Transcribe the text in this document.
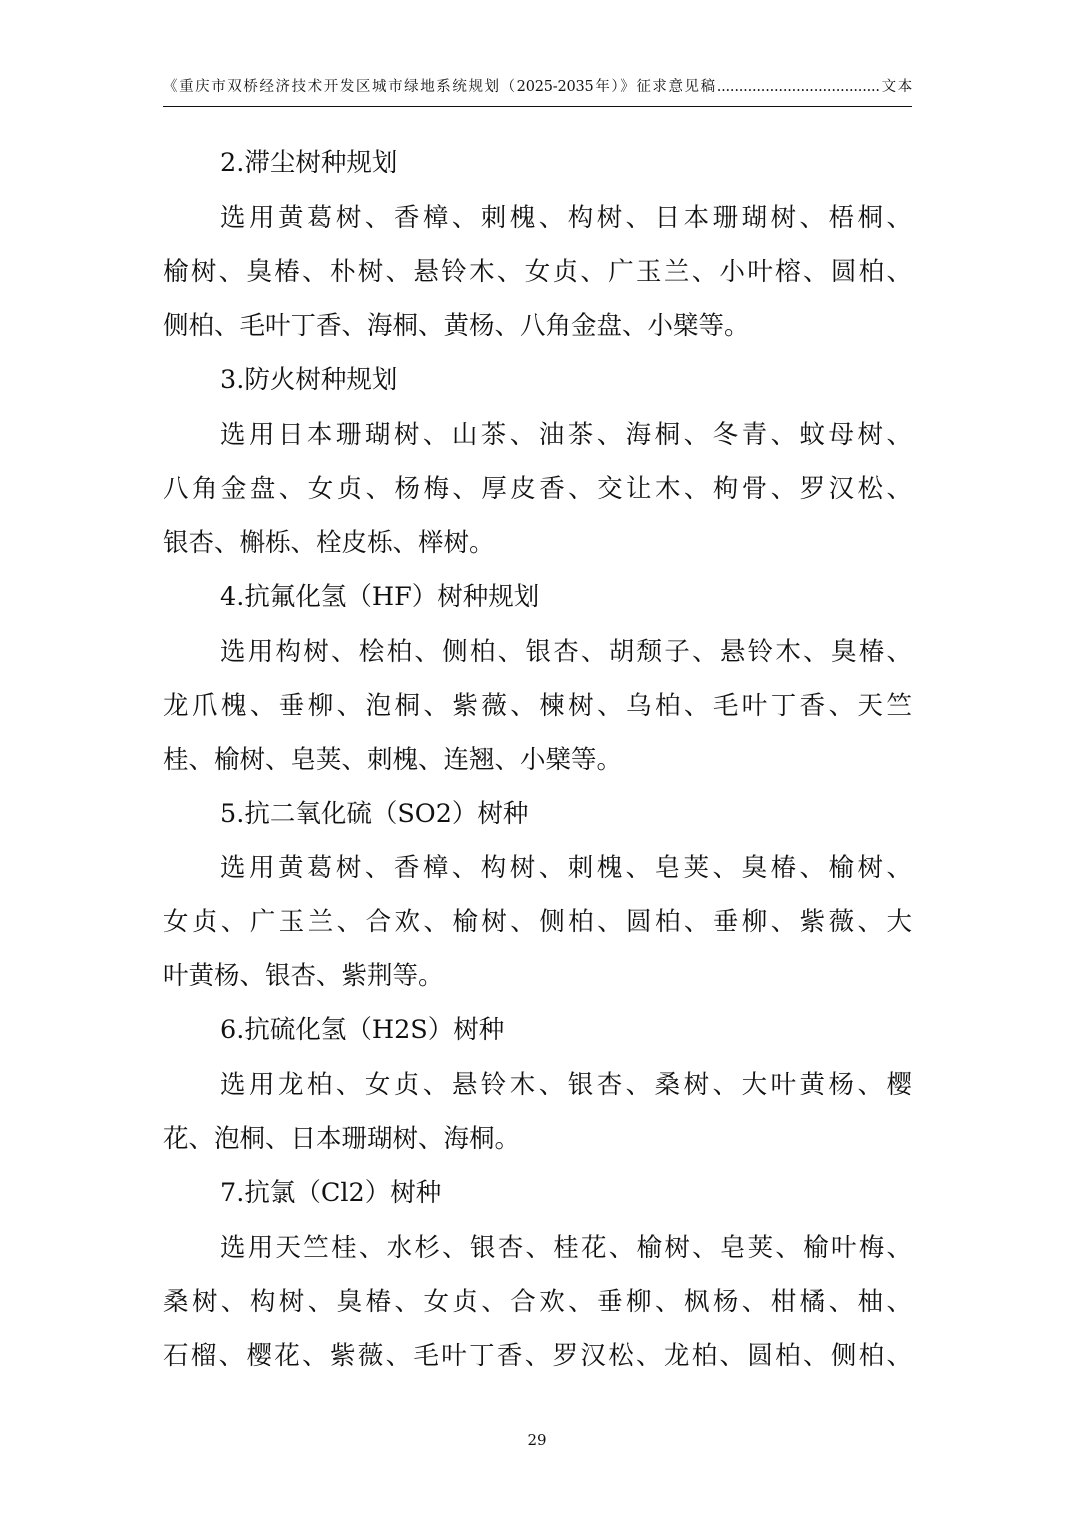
《重庆市双桥经济技术开发区城市绿地系统规划（2025-2035年）》征求意见稿.....................................文本
2.滞尘树种规划
选用黄葛树、香樟、刺槐、构树、日本珊瑚树、梧桐、
榆树、臭椿、朴树、悬铃木、女贞、广玉兰、小叶榕、圆柏、
侧柏、毛叶丁香、海桐、黄杨、八角金盘、小檗等。
3.防火树种规划
选用日本珊瑚树、山茶、油茶、海桐、冬青、蚊母树、
八角金盘、女贞、杨梅、厚皮香、交让木、枸骨、罗汉松、
银杏、槲栎、栓皮栎、榉树。
4.抗氟化氢（HF）树种规划
选用构树、桧柏、侧柏、银杏、胡颓子、悬铃木、臭椿、
龙爪槐、垂柳、泡桐、紫薇、楝树、乌柏、毛叶丁香、天竺
桂、榆树、皂荚、刺槐、连翘、小檗等。
5.抗二氧化硫（SO2）树种
选用黄葛树、香樟、构树、刺槐、皂荚、臭椿、榆树、
女贞、广玉兰、合欢、榆树、侧柏、圆柏、垂柳、紫薇、大
叶黄杨、银杏、紫荆等。
6.抗硫化氢（H2S）树种
选用龙柏、女贞、悬铃木、银杏、桑树、大叶黄杨、樱
花、泡桐、日本珊瑚树、海桐。
7.抗氯（Cl2）树种
选用天竺桂、水杉、银杏、桂花、榆树、皂荚、榆叶梅、
桑树、构树、臭椿、女贞、合欢、垂柳、枫杨、柑橘、柚、
石榴、樱花、紫薇、毛叶丁香、罗汉松、龙柏、圆柏、侧柏、
29
